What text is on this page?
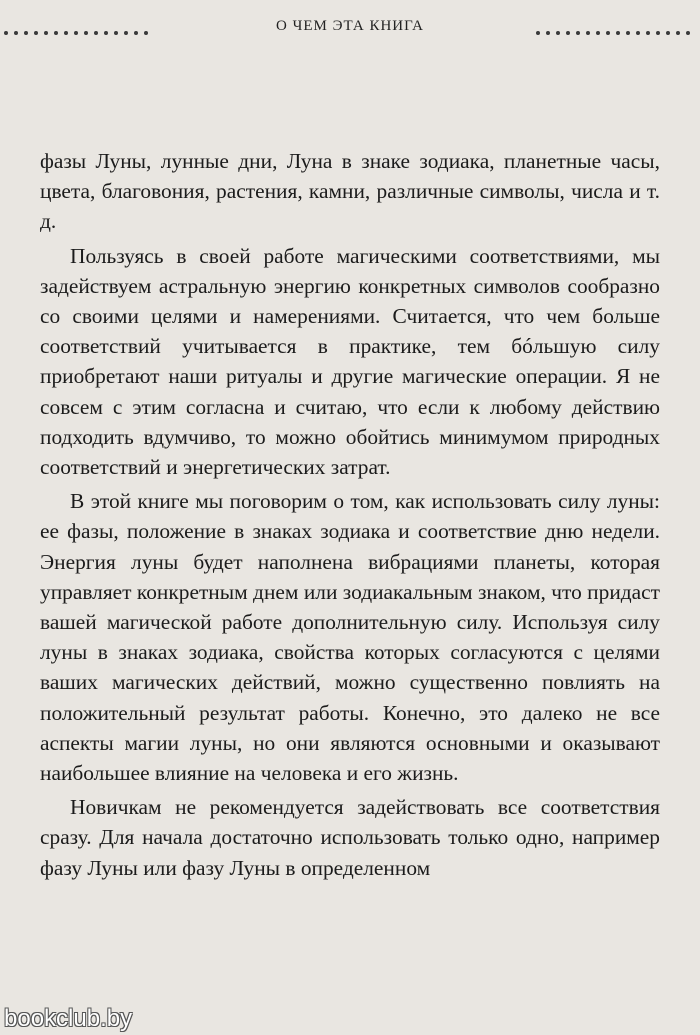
О ЧЕМ ЭТА КНИГА

фазы Луны, лунные дни, Луна в знаке зодиака, планетные часы, цвета, благовония, растения, камни, различные символы, числа и т. д.

Пользуясь в своей работе магическими соответствиями, мы задействуем астральную энергию конкретных символов сообразно со своими целями и намерениями. Считается, что чем больше соответствий учитывается в практике, тем бóльшую силу приобретают наши ритуалы и другие магические операции. Я не совсем с этим согласна и считаю, что если к любому действию подходить вдумчиво, то можно обойтись минимумом природных соответствий и энергетических затрат.

В этой книге мы поговорим о том, как использовать силу луны: ее фазы, положение в знаках зодиака и соответствие дню недели. Энергия луны будет наполнена вибрациями планеты, которая управляет конкретным днем или зодиакальным знаком, что придаст вашей магической работе дополнительную силу. Используя силу луны в знаках зодиака, свойства которых согласуются с целями ваших магических действий, можно существенно повлиять на положительный результат работы. Конечно, это далеко не все аспекты магии луны, но они являются основными и оказывают наибольшее влияние на человека и его жизнь.

Новичкам не рекомендуется задействовать все соответствия сразу. Для начала достаточно использовать только одно, например фазу Луны или фазу Луны в определенном

bookclub.by
